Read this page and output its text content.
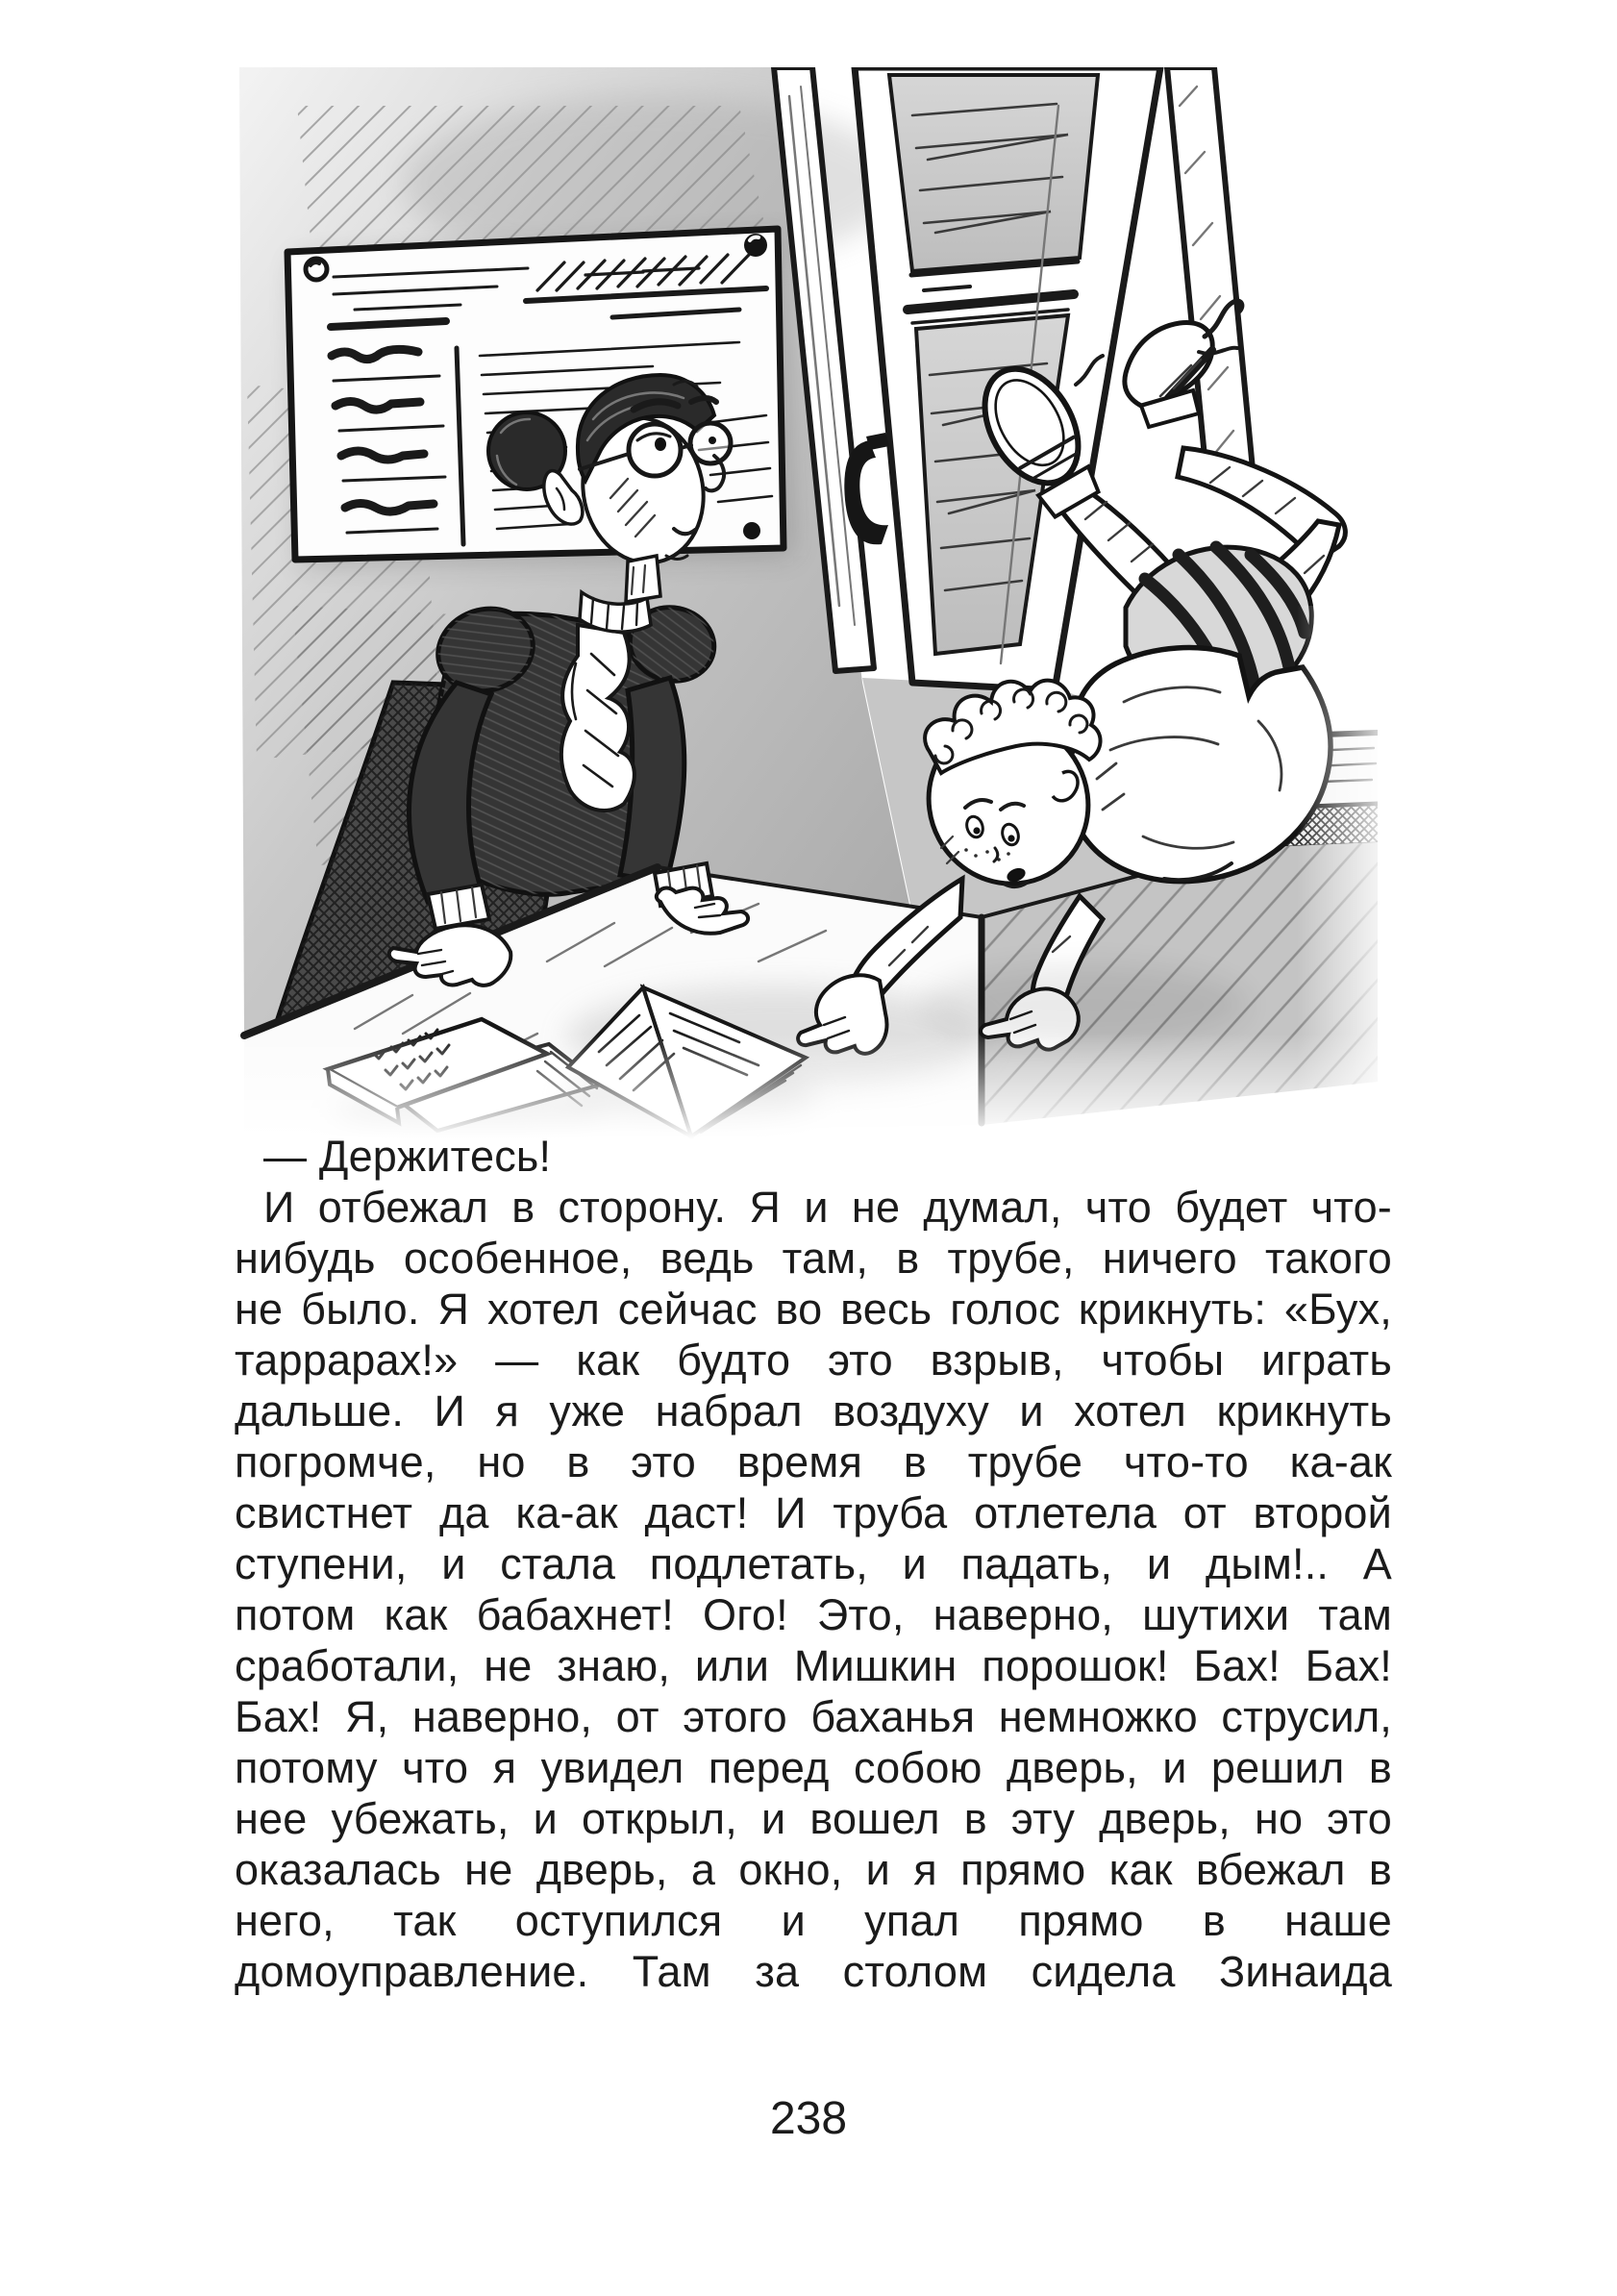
— Держитесь!
И отбежал в сторону. Я и не думал, что будет что-
нибудь особенное, ведь там, в трубе, ничего такого
не было. Я хотел сейчас во весь голос крикнуть: «Бух,
таррарах!» — как будто это взрыв, чтобы играть
дальше. И я уже набрал воздуху и хотел крикнуть
погромче, но в это время в трубе что-то ка-ак
свистнет да ка-ак даст! И труба отлетела от второй
ступени, и стала подлетать, и падать, и дым!.. А
потом как бабахнет! Ого! Это, наверно, шутихи там
сработали, не знаю, или Мишкин порошок! Бах! Бах!
Бах! Я, наверно, от этого баханья немножко струсил,
потому что я увидел перед собою дверь, и решил в
нее убежать, и открыл, и вошел в эту дверь, но это
оказалась не дверь, а окно, и я прямо как вбежал в
него, так оступился и упал прямо в наше
домоуправление. Там за столом сидела Зинаида
238
